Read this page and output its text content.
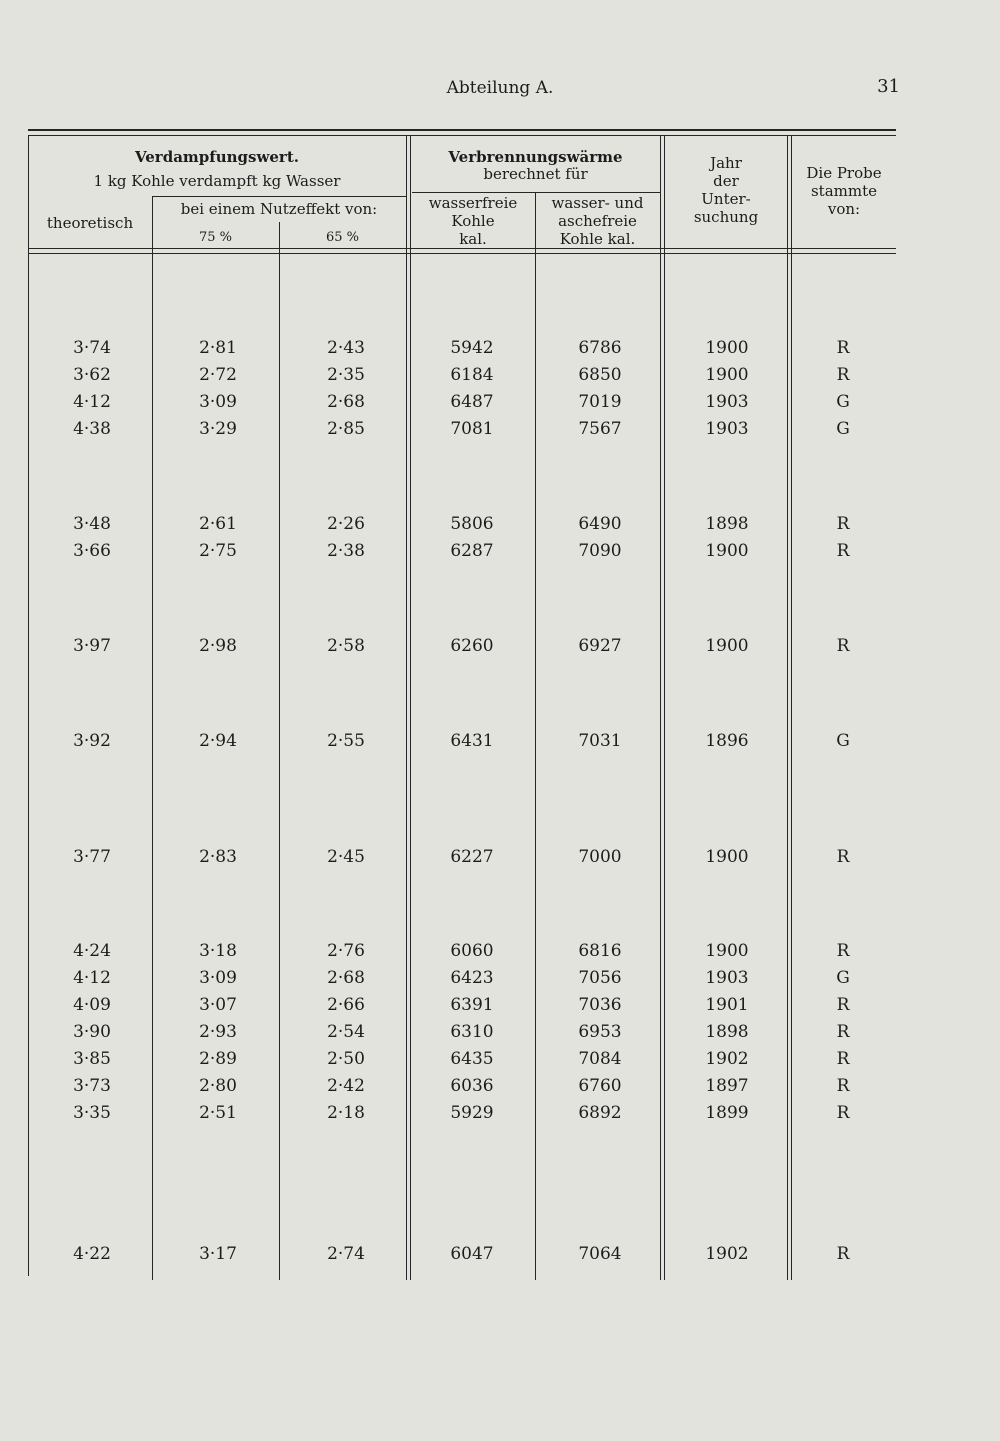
Abteilung A.	31
Verdampfungswert.
1 kg Kohle verdampft kg Wasser
theoretisch
bei einem Nutzeffekt von:
75 %	65 %
Verbrennungswärme
berechnet für
wasserfreie
Kohle
kal.
wasser- und
aschefreie
Kohle kal.
Jahr
der
Unter-
suchung
Die Probe
stammte
von:
3·74	2·81	2·43	5942	6786	1900	R
3·62	2·72	2·35	6184	6850	1900	R
4·12	3·09	2·68	6487	7019	1903	G
4·38	3·29	2·85	7081	7567	1903	G
3·48	2·61	2·26	5806	6490	1898	R
3·66	2·75	2·38	6287	7090	1900	R
3·97	2·98	2·58	6260	6927	1900	R
3·92	2·94	2·55	6431	7031	1896	G
3·77	2·83	2·45	6227	7000	1900	R
4·24	3·18	2·76	6060	6816	1900	R
4·12	3·09	2·68	6423	7056	1903	G
4·09	3·07	2·66	6391	7036	1901	R
3·90	2·93	2·54	6310	6953	1898	R
3·85	2·89	2·50	6435	7084	1902	R
3·73	2·80	2·42	6036	6760	1897	R
3·35	2·51	2·18	5929	6892	1899	R
4·22	3·17	2·74	6047	7064	1902	R
